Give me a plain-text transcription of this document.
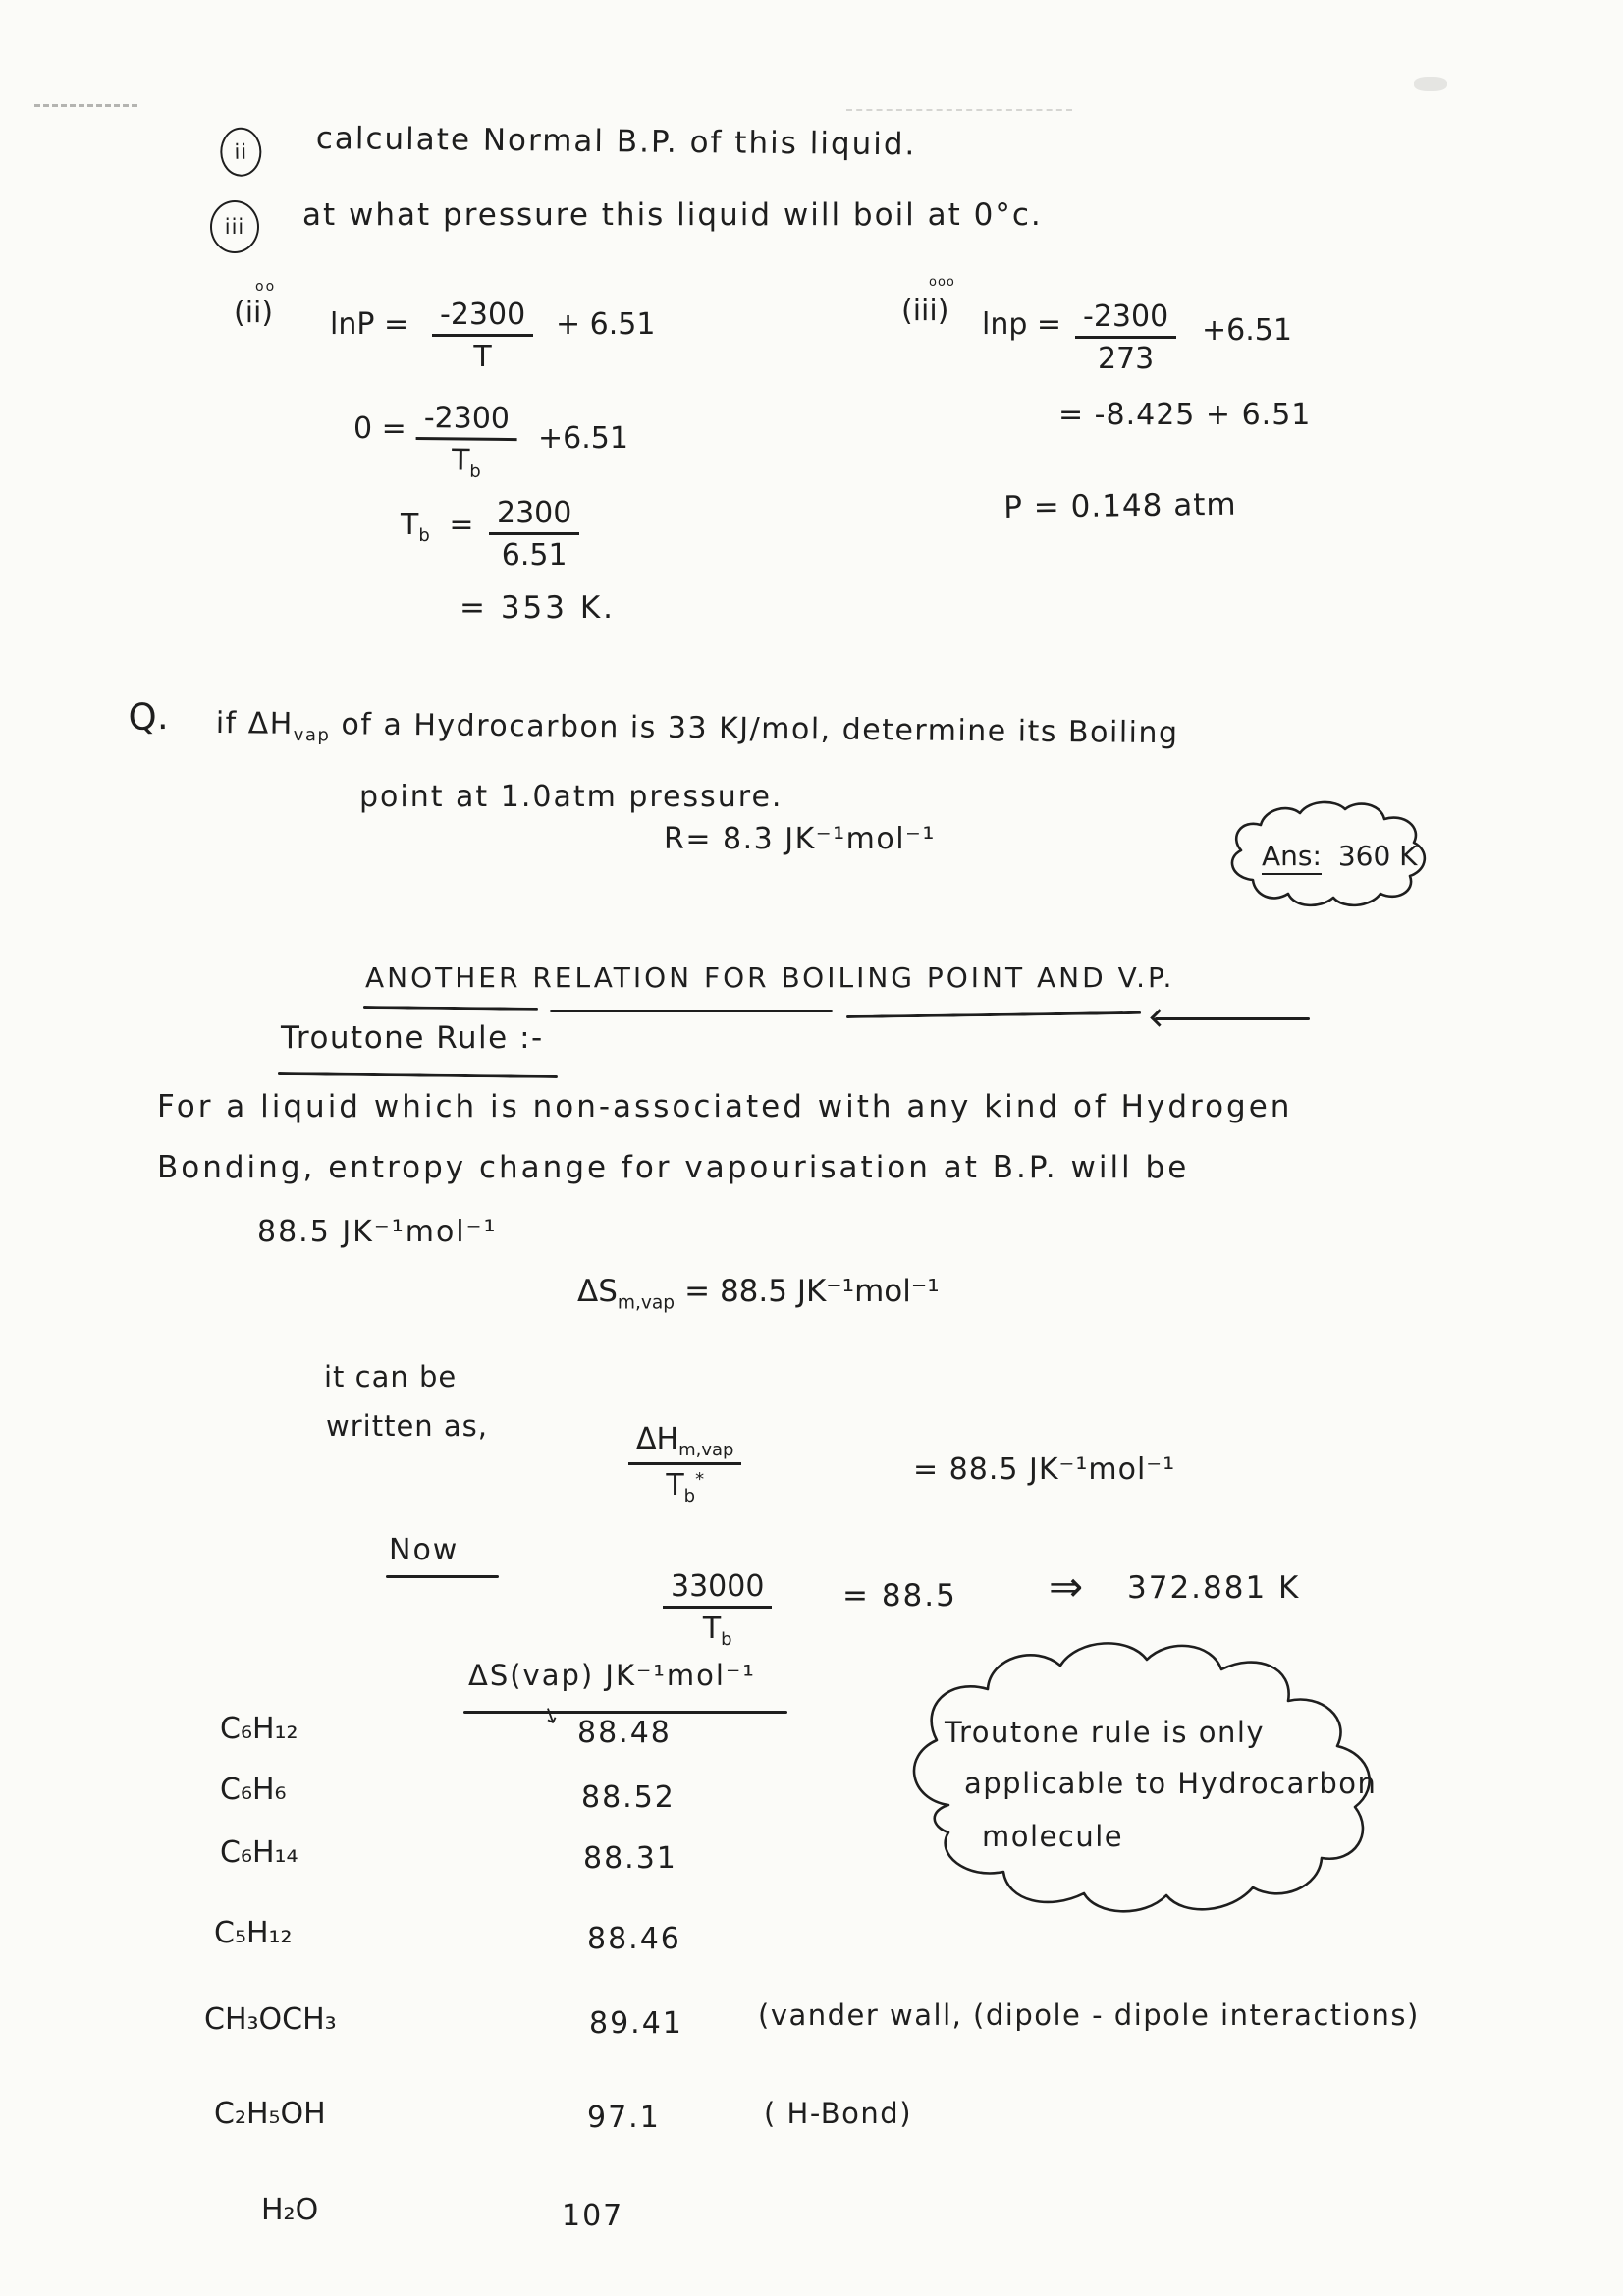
ii calculate Normal B.P. of this liquid.
iii at what pressure this liquid will boil at 0°c.
oo
(ii) $\ln P = \frac{-2300}{T} + 6.51$
$0 = \frac{-2300}{T_b} +6.51$
$T_b = \frac{2300}{6.51}$
= 353 K.
ooo
(iii) $\ln p = \frac{-2300}{273} +6.51$
= -8.425 + 6.51
P = 0.148 atm
Q. if $\Delta H_{vap}$ of a Hydrocarbon is 33 KJ/mol, determine its Boiling
point at 1.0atm pressure.
R= 8.3 JK⁻¹mol⁻¹	Ans: 360 K
ANOTHER RELATION FOR BOILING POINT AND V.P.
Troutone Rule :-
For a liquid which is non-associated with any kind of Hydrogen
Bonding, entropy change for vapourisation at B.P. will be
88.5 JK⁻¹mol⁻¹
$\Delta S_{m,vap} = 88.5$ JK⁻¹mol⁻¹
it can be
written as,	$\Delta H_{m,vap}$
$T_b^*$	= 88.5 JK⁻¹mol⁻¹
Now
$\frac{33000}{T_b} = 88.5$ ⇒ 372.881 K
ΔS(vap) JK⁻¹mol⁻¹
↓
C₆H₁₂	88.48
C₆H₆	88.52
C₆H₁₄	88.31
C₅H₁₂	88.46
CH₃OCH₃	89.41	(vander wall, (dipole - dipole interactions)
C₂H₅OH	97.1	( H-Bond)
H₂O	107
Troutone rule is only
applicable to Hydrocarbon
molecule
